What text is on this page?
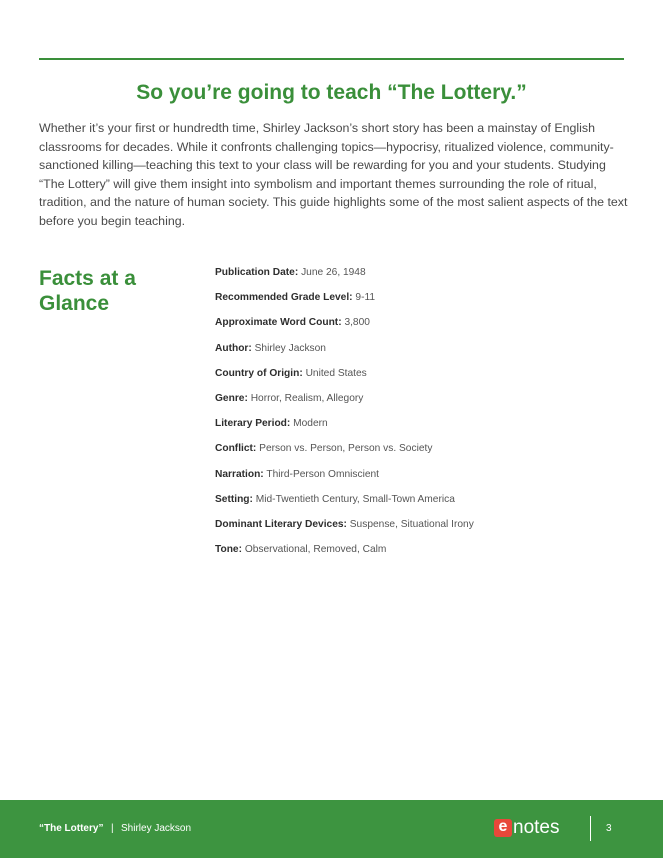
So you’re going to teach “The Lottery.”

Whether it’s your first or hundredth time, Shirley Jackson’s short story has been a mainstay of English classrooms for decades. While it confronts challenging topics—hypocrisy, ritualized violence, community-sanctioned killing—teaching this text to your class will be rewarding for you and your students. Studying “The Lottery” will give them insight into symbolism and important themes surrounding the role of ritual, tradition, and the nature of human society. This guide highlights some of the most salient aspects of the text before you begin teaching.

Facts at a Glance
Publication Date: June 26, 1948
Recommended Grade Level: 9-11
Approximate Word Count: 3,800
Author: Shirley Jackson
Country of Origin: United States
Genre: Horror, Realism, Allegory
Literary Period: Modern
Conflict: Person vs. Person, Person vs. Society
Narration: Third-Person Omniscient
Setting: Mid-Twentieth Century, Small-Town America
Dominant Literary Devices: Suspense, Situational Irony
Tone: Observational, Removed, Calm
“The Lottery” | Shirley Jackson	e notes	3
